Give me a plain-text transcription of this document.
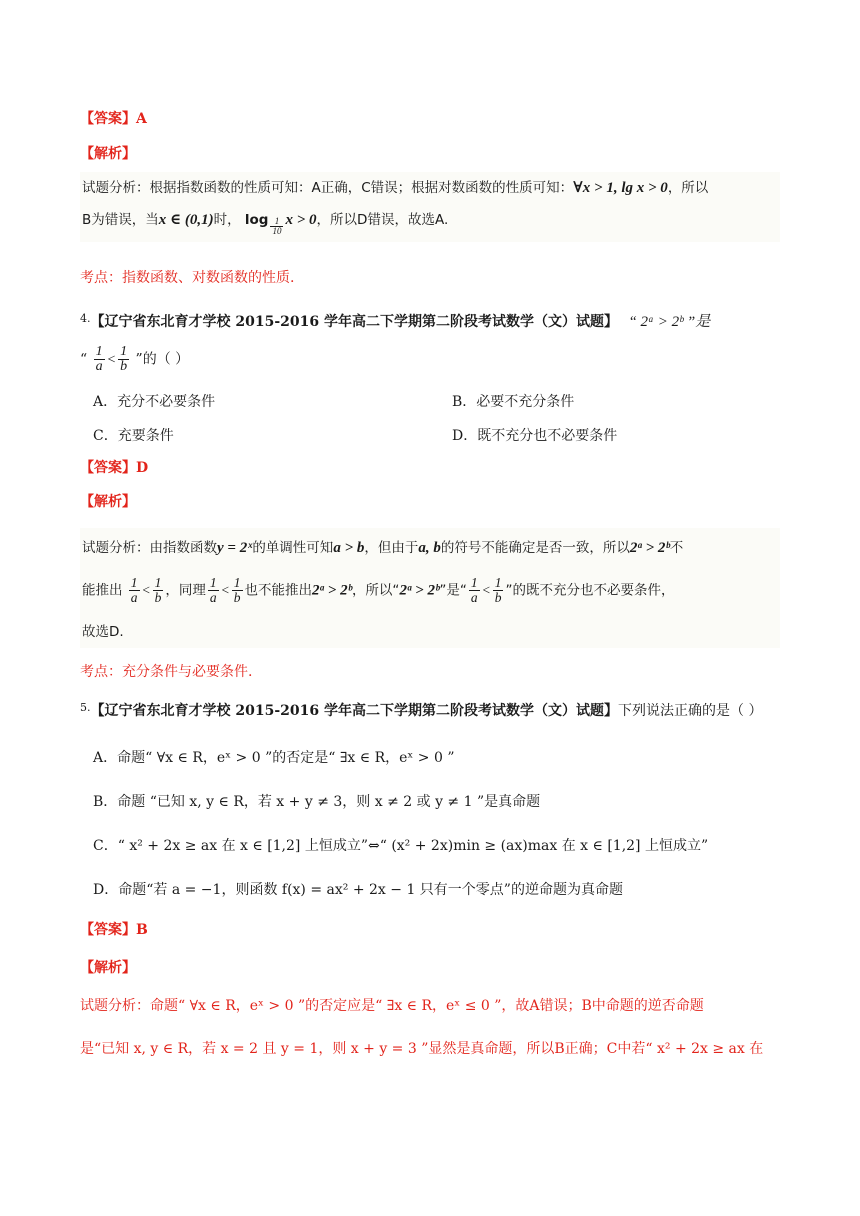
【答案】A
【解析】
试题分析：根据指数函数的性质可知：A正确，C错误；根据对数函数的性质可知：∀x > 1, lg x > 0，所以
B为错误，当x ∈ (0,1)时， $\log \frac{1}{10}$ x > 0，所以D错误，故选A.
考点：指数函数、对数函数的性质.
$^{4.}$【辽宁省东北育才学校 2015-2016 学年高二下学期第二阶段考试数学（文）试题】 “ 2ᵃ > 2ᵇ ”是
“ $\frac{1}{a} < \frac{1}{b}$ ”的（ ）
A．充分不必要条件	B．必要不充分条件
C．充要条件	D．既不充分也不必要条件
【答案】D
【解析】
试题分析：由指数函数y = 2ˣ的单调性可知a > b，但由于a, b的符号不能确定是否一致，所以2ᵃ > 2ᵇ不
能推出 $\frac{1}{a} < \frac{1}{b}$ ，同理 $\frac{1}{a} < \frac{1}{b}$ 也不能推出2ᵃ > 2ᵇ，所以“2ᵃ > 2ᵇ”是“ $\frac{1}{a} < \frac{1}{b}$ ”的既不充分也不必要条件，
故选D.
考点：充分条件与必要条件.
$^{5.}$【辽宁省东北育才学校 2015-2016 学年高二下学期第二阶段考试数学（文）试题】下列说法正确的是（ ）
A．命题“ ∀x ∈ R，eˣ > 0 ”的否定是“ ∃x ∈ R，eˣ > 0 ”
B．命题 “已知 x, y ∈ R，若 x + y ≠ 3，则 x ≠ 2 或 y ≠ 1 ”是真命题
C．“ x² + 2x ≥ ax 在 x ∈ [1,2] 上恒成立”⇔“ (x² + 2x)min ≥ (ax)max 在 x ∈ [1,2] 上恒成立”
D．命题“若 a = −1，则函数 f(x) = ax² + 2x − 1 只有一个零点”的逆命题为真命题
【答案】B
【解析】
试题分析：命题“ ∀x ∈ R，eˣ > 0 ”的否定应是“ ∃x ∈ R，eˣ ≤ 0 ”，故A错误；B中命题的逆否命题
是“已知 x, y ∈ R，若 x = 2 且 y = 1，则 x + y = 3 ”显然是真命题，所以B正确；C中若“ x² + 2x ≥ ax 在
